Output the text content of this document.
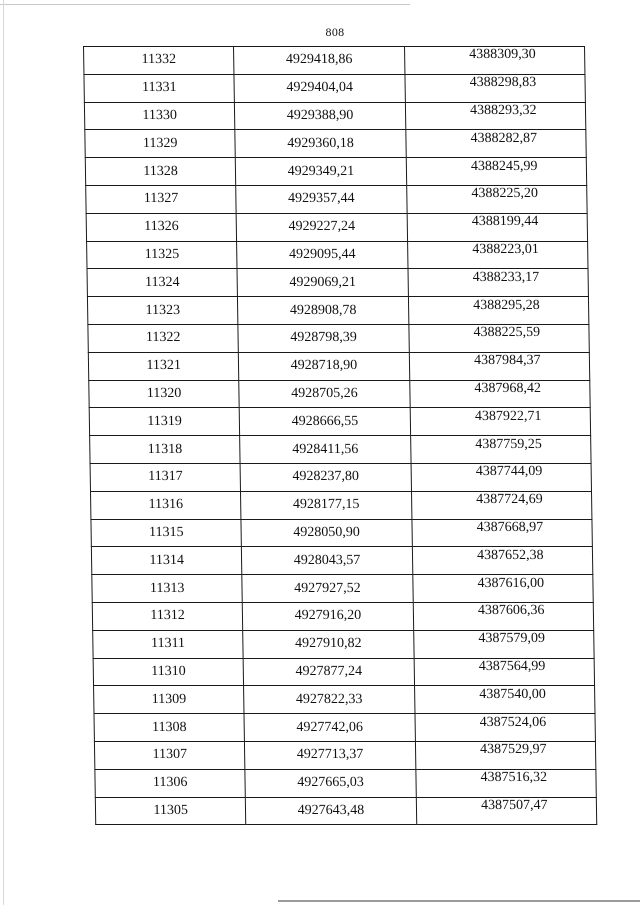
808
11332	4929418,86	4388309,30
11331	4929404,04	4388298,83
11330	4929388,90	4388293,32
11329	4929360,18	4388282,87
11328	4929349,21	4388245,99
11327	4929357,44	4388225,20
11326	4929227,24	4388199,44
11325	4929095,44	4388223,01
11324	4929069,21	4388233,17
11323	4928908,78	4388295,28
11322	4928798,39	4388225,59
11321	4928718,90	4387984,37
11320	4928705,26	4387968,42
11319	4928666,55	4387922,71
11318	4928411,56	4387759,25
11317	4928237,80	4387744,09
11316	4928177,15	4387724,69
11315	4928050,90	4387668,97
11314	4928043,57	4387652,38
11313	4927927,52	4387616,00
11312	4927916,20	4387606,36
11311	4927910,82	4387579,09
11310	4927877,24	4387564,99
11309	4927822,33	4387540,00
11308	4927742,06	4387524,06
11307	4927713,37	4387529,97
11306	4927665,03	4387516,32
11305	4927643,48	4387507,47
